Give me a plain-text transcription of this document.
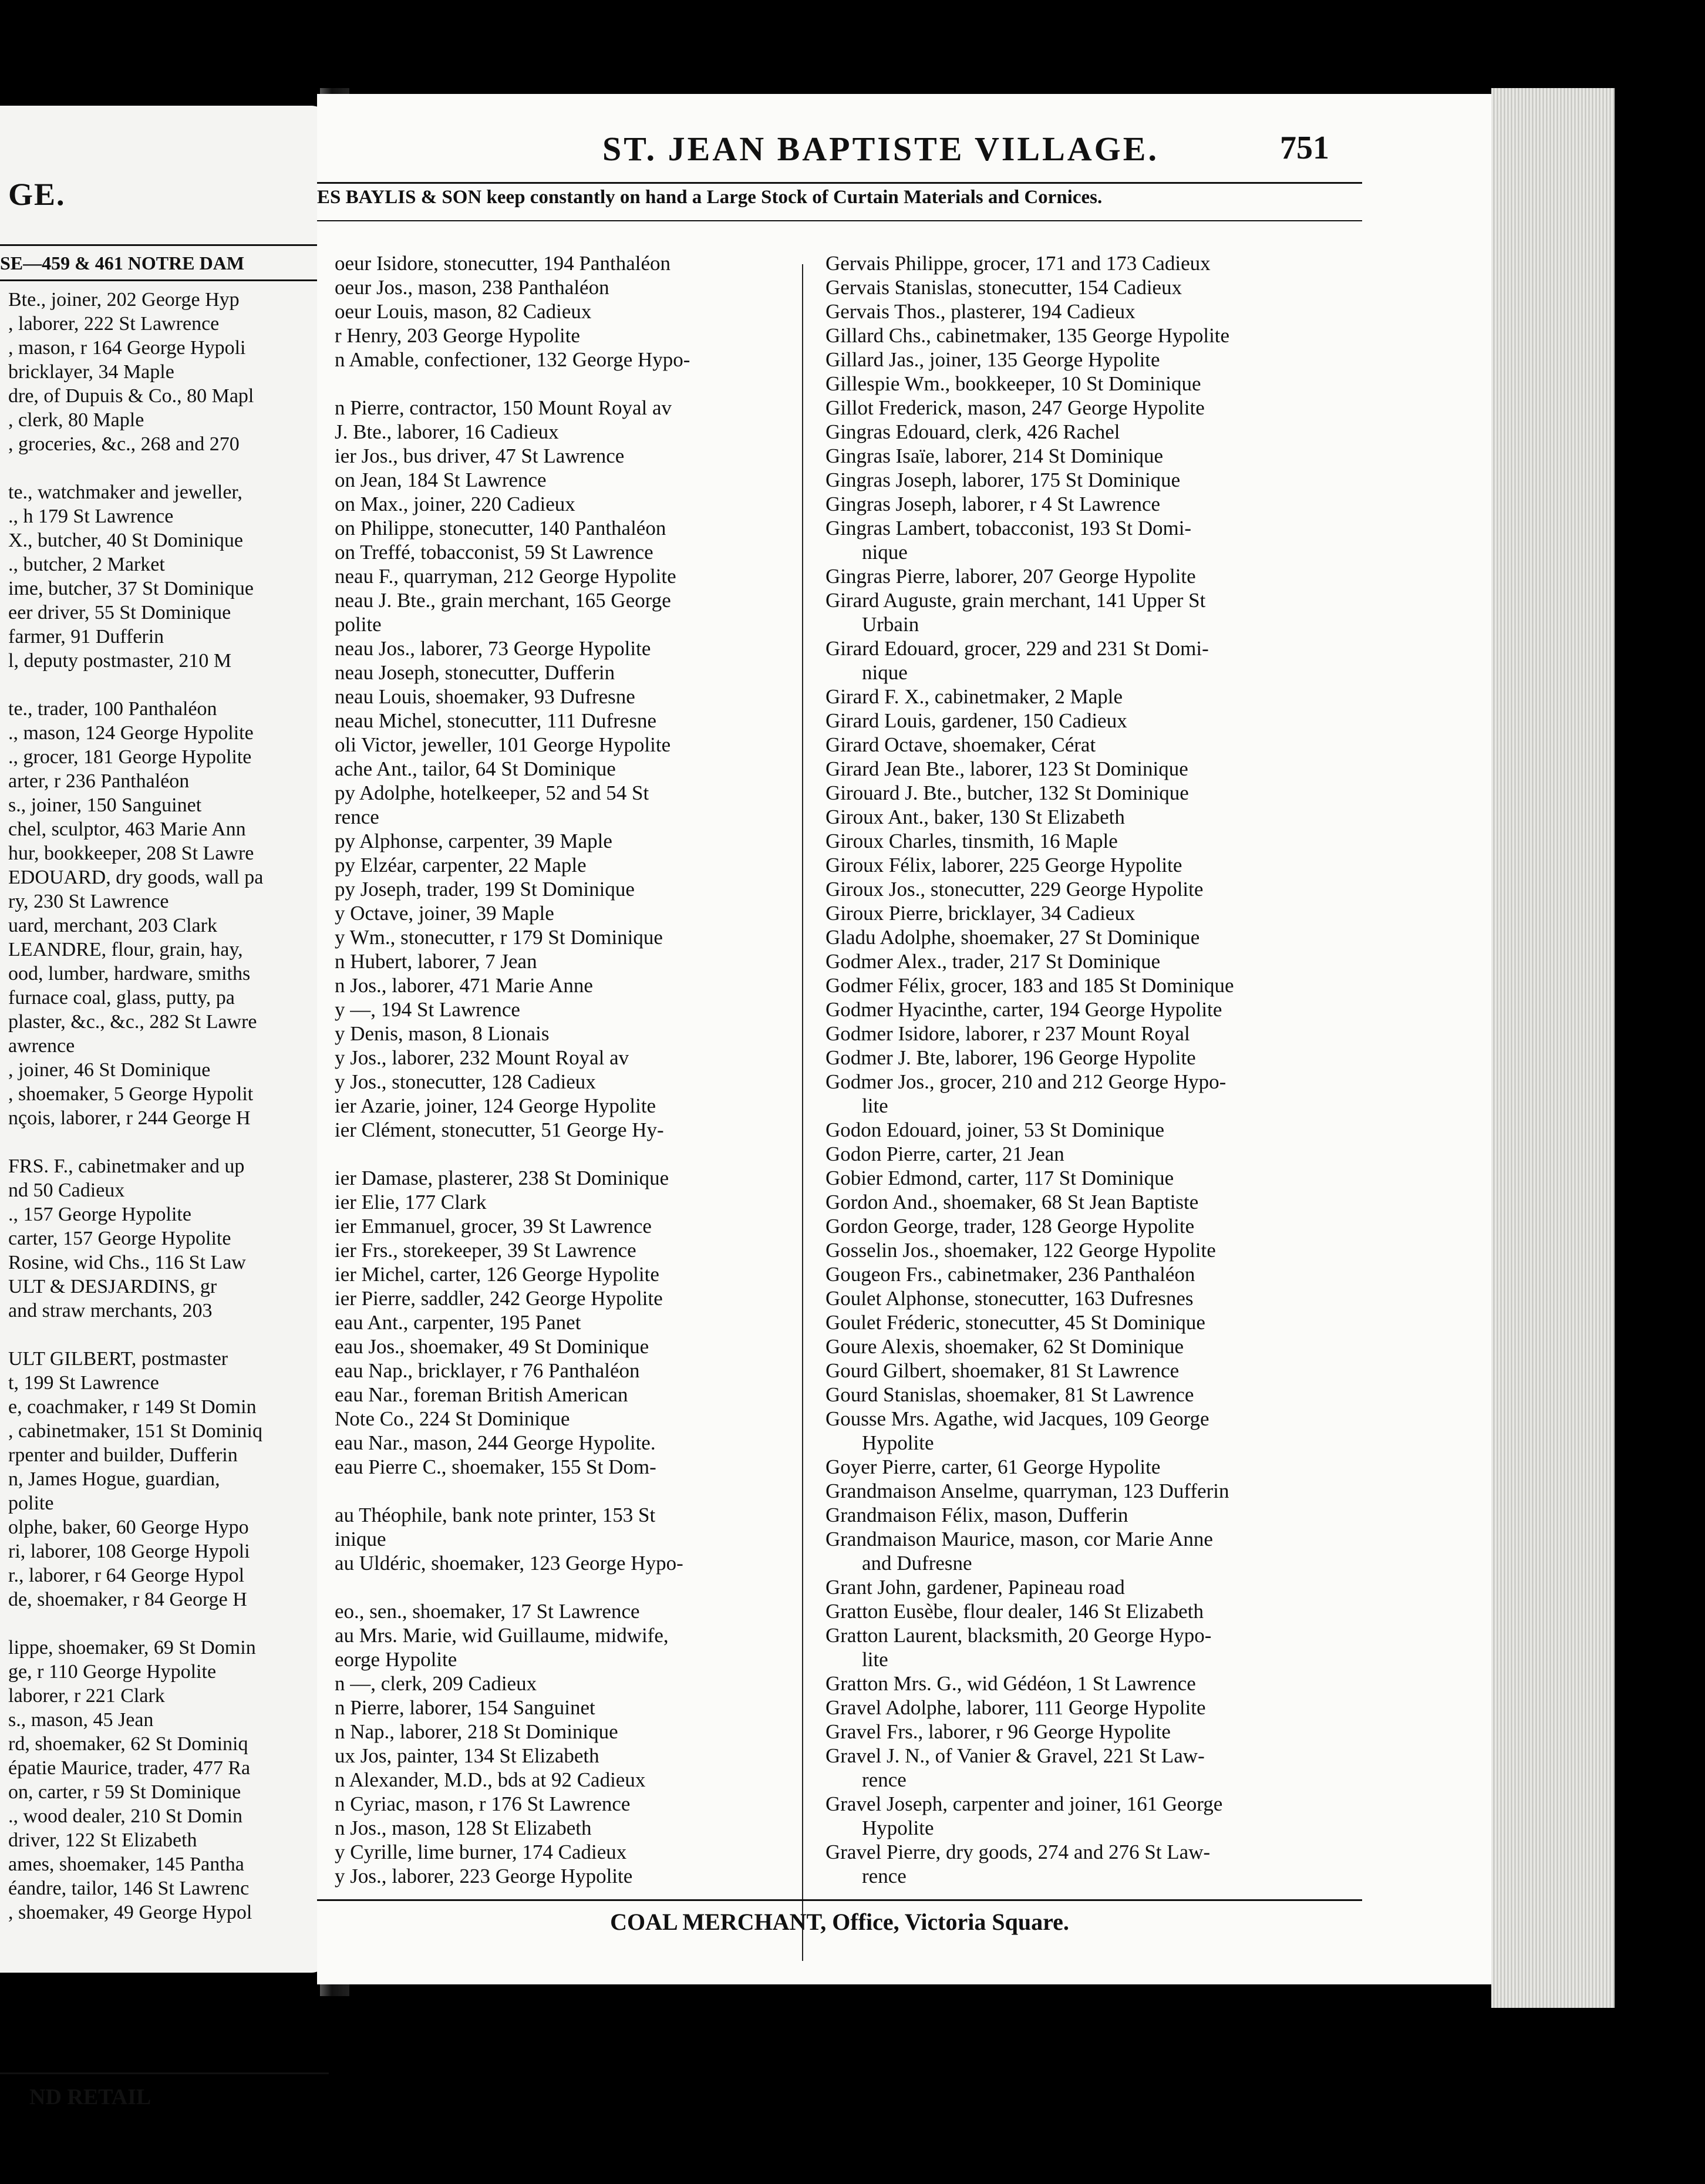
GE.
SE—459 & 461 NOTRE DAM
Bte., joiner, 202 George Hyp
, laborer, 222 St Lawrence
, mason, r 164 George Hypoli
bricklayer, 34 Maple
dre, of Dupuis & Co., 80 Mapl
, clerk, 80 Maple
, groceries, &c., 268 and 270

te., watchmaker and jeweller,
., h 179 St Lawrence
X., butcher, 40 St Dominique
., butcher, 2 Market
ime, butcher, 37 St Dominique
eer driver, 55 St Dominique
farmer, 91 Dufferin
l, deputy postmaster, 210 M

te., trader, 100 Panthaléon
., mason, 124 George Hypolite
., grocer, 181 George Hypolite
arter, r 236 Panthaléon
s., joiner, 150 Sanguinet
chel, sculptor, 463 Marie Ann
hur, bookkeeper, 208 St Lawre
EDOUARD, dry goods, wall pa
ry, 230 St Lawrence
uard, merchant, 203 Clark
LEANDRE, flour, grain, hay,
ood, lumber, hardware, smiths
furnace coal, glass, putty, pa
plaster, &c., &c., 282 St Lawre
awrence
, joiner, 46 St Dominique
, shoemaker, 5 George Hypolit
nçois, laborer, r 244 George H

FRS. F., cabinetmaker and up
nd 50 Cadieux
., 157 George Hypolite
carter, 157 George Hypolite
Rosine, wid Chs., 116 St Law
ULT & DESJARDINS, gr
and straw merchants, 203

ULT GILBERT, postmaster
t, 199 St Lawrence
e, coachmaker, r 149 St Domin
, cabinetmaker, 151 St Dominiq
rpenter and builder, Dufferin
n, James Hogue, guardian,
polite
olphe, baker, 60 George Hypo
ri, laborer, 108 George Hypoli
r., laborer, r 64 George Hypol
de, shoemaker, r 84 George H

lippe, shoemaker, 69 St Domin
ge, r 110 George Hypolite
laborer, r 221 Clark
s., mason, 45 Jean
rd, shoemaker, 62 St Dominiq
épatie Maurice, trader, 477 Ra
on, carter, r 59 St Dominique
., wood dealer, 210 St Domin
driver, 122 St Elizabeth
ames, shoemaker, 145 Pantha
éandre, tailor, 146 St Lawrenc
, shoemaker, 49 George Hypol
ND RETAIL
ST. JEAN BAPTISTE VILLAGE.	751
ES BAYLIS & SON keep constantly on hand a Large Stock of Curtain Materials and Cornices.
oeur Isidore, stonecutter, 194 Panthaléon
oeur Jos., mason, 238 Panthaléon
oeur Louis, mason, 82 Cadieux
r Henry, 203 George Hypolite
n Amable, confectioner, 132 George Hypo-

n Pierre, contractor, 150 Mount Royal av
J. Bte., laborer, 16 Cadieux
ier Jos., bus driver, 47 St Lawrence
on Jean, 184 St Lawrence
on Max., joiner, 220 Cadieux
on Philippe, stonecutter, 140 Panthaléon
on Treffé, tobacconist, 59 St Lawrence
neau F., quarryman, 212 George Hypolite
neau J. Bte., grain merchant, 165 George
polite
neau Jos., laborer, 73 George Hypolite
neau Joseph, stonecutter, Dufferin
neau Louis, shoemaker, 93 Dufresne
neau Michel, stonecutter, 111 Dufresne
oli Victor, jeweller, 101 George Hypolite
ache Ant., tailor, 64 St Dominique
py Adolphe, hotelkeeper, 52 and 54 St
rence
py Alphonse, carpenter, 39 Maple
py Elzéar, carpenter, 22 Maple
py Joseph, trader, 199 St Dominique
y Octave, joiner, 39 Maple
y Wm., stonecutter, r 179 St Dominique
n Hubert, laborer, 7 Jean
n Jos., laborer, 471 Marie Anne
y —, 194 St Lawrence
y Denis, mason, 8 Lionais
y Jos., laborer, 232 Mount Royal av
y Jos., stonecutter, 128 Cadieux
ier Azarie, joiner, 124 George Hypolite
ier Clément, stonecutter, 51 George Hy-

ier Damase, plasterer, 238 St Dominique
ier Elie, 177 Clark
ier Emmanuel, grocer, 39 St Lawrence
ier Frs., storekeeper, 39 St Lawrence
ier Michel, carter, 126 George Hypolite
ier Pierre, saddler, 242 George Hypolite
eau Ant., carpenter, 195 Panet
eau Jos., shoemaker, 49 St Dominique
eau Nap., bricklayer, r 76 Panthaléon
eau Nar., foreman British American
Note Co., 224 St Dominique
eau Nar., mason, 244 George Hypolite.
eau Pierre C., shoemaker, 155 St Dom-

au Théophile, bank note printer, 153 St
inique
au Uldéric, shoemaker, 123 George Hypo-

eo., sen., shoemaker, 17 St Lawrence
au Mrs. Marie, wid Guillaume, midwife,
eorge Hypolite
n —, clerk, 209 Cadieux
n Pierre, laborer, 154 Sanguinet
n Nap., laborer, 218 St Dominique
ux Jos, painter, 134 St Elizabeth
n Alexander, M.D., bds at 92 Cadieux
n Cyriac, mason, r 176 St Lawrence
n Jos., mason, 128 St Elizabeth
y Cyrille, lime burner, 174 Cadieux
y Jos., laborer, 223 George Hypolite
Gervais Philippe, grocer, 171 and 173 Cadieux
Gervais Stanislas, stonecutter, 154 Cadieux
Gervais Thos., plasterer, 194 Cadieux
Gillard Chs., cabinetmaker, 135 George Hypolite
Gillard Jas., joiner, 135 George Hypolite
Gillespie Wm., bookkeeper, 10 St Dominique
Gillot Frederick, mason, 247 George Hypolite
Gingras Edouard, clerk, 426 Rachel
Gingras Isaïe, laborer, 214 St Dominique
Gingras Joseph, laborer, 175 St Dominique
Gingras Joseph, laborer, r 4 St Lawrence
Gingras Lambert, tobacconist, 193 St Domi-
nique
Gingras Pierre, laborer, 207 George Hypolite
Girard Auguste, grain merchant, 141 Upper St
Urbain
Girard Edouard, grocer, 229 and 231 St Domi-
nique
Girard F. X., cabinetmaker, 2 Maple
Girard Louis, gardener, 150 Cadieux
Girard Octave, shoemaker, Cérat
Girard Jean Bte., laborer, 123 St Dominique
Girouard J. Bte., butcher, 132 St Dominique
Giroux Ant., baker, 130 St Elizabeth
Giroux Charles, tinsmith, 16 Maple
Giroux Félix, laborer, 225 George Hypolite
Giroux Jos., stonecutter, 229 George Hypolite
Giroux Pierre, bricklayer, 34 Cadieux
Gladu Adolphe, shoemaker, 27 St Dominique
Godmer Alex., trader, 217 St Dominique
Godmer Félix, grocer, 183 and 185 St Dominique
Godmer Hyacinthe, carter, 194 George Hypolite
Godmer Isidore, laborer, r 237 Mount Royal
Godmer J. Bte, laborer, 196 George Hypolite
Godmer Jos., grocer, 210 and 212 George Hypo-
lite
Godon Edouard, joiner, 53 St Dominique
Godon Pierre, carter, 21 Jean
Gobier Edmond, carter, 117 St Dominique
Gordon And., shoemaker, 68 St Jean Baptiste
Gordon George, trader, 128 George Hypolite
Gosselin Jos., shoemaker, 122 George Hypolite
Gougeon Frs., cabinetmaker, 236 Panthaléon
Goulet Alphonse, stonecutter, 163 Dufresnes
Goulet Fréderic, stonecutter, 45 St Dominique
Goure Alexis, shoemaker, 62 St Dominique
Gourd Gilbert, shoemaker, 81 St Lawrence
Gourd Stanislas, shoemaker, 81 St Lawrence
Gousse Mrs. Agathe, wid Jacques, 109 George
Hypolite
Goyer Pierre, carter, 61 George Hypolite
Grandmaison Anselme, quarryman, 123 Dufferin
Grandmaison Félix, mason, Dufferin
Grandmaison Maurice, mason, cor Marie Anne
and Dufresne
Grant John, gardener, Papineau road
Gratton Eusèbe, flour dealer, 146 St Elizabeth
Gratton Laurent, blacksmith, 20 George Hypo-
lite
Gratton Mrs. G., wid Gédéon, 1 St Lawrence
Gravel Adolphe, laborer, 111 George Hypolite
Gravel Frs., laborer, r 96 George Hypolite
Gravel J. N., of Vanier & Gravel, 221 St Law-
rence
Gravel Joseph, carpenter and joiner, 161 George
Hypolite
Gravel Pierre, dry goods, 274 and 276 St Law-
rence
COAL MERCHANT, Office, Victoria Square.
